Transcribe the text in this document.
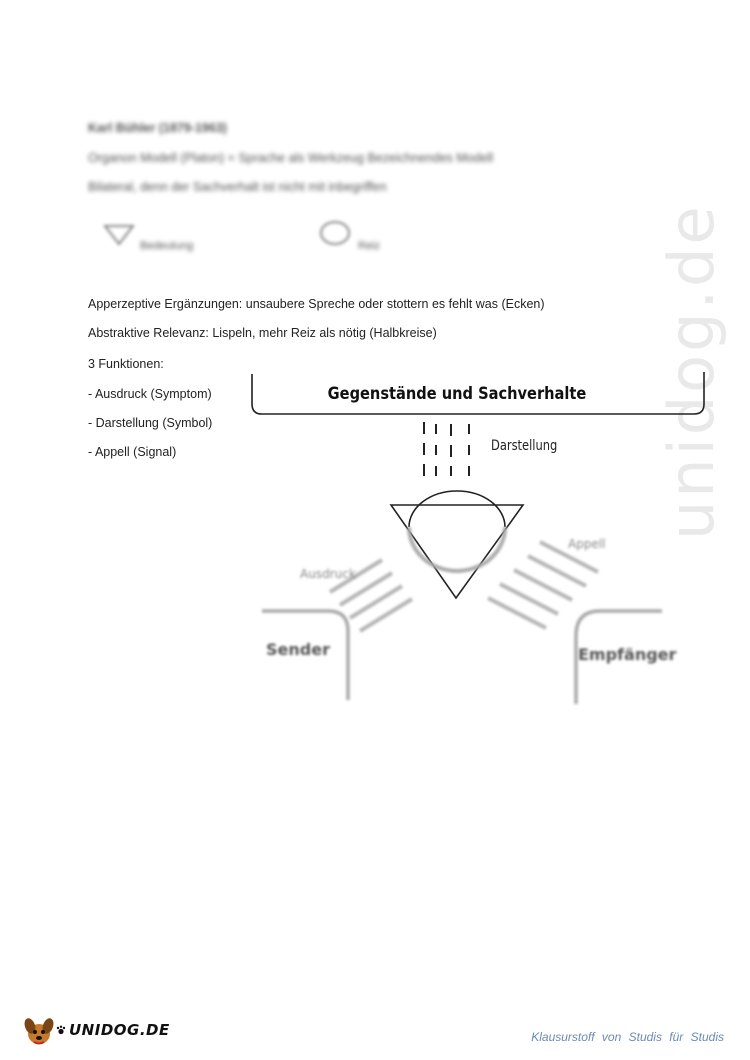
unidog.de
Karl Bühler (1879-1963)
Organon Modell (Platon) = Sprache als Werkzeug Bezeichnendes Modell
Bilateral, denn der Sachverhalt ist nicht mit inbegriffen
Bedeutung	Reiz
Apperzeptive Ergänzungen: unsaubere Spreche oder stottern es fehlt was (Ecken)
Abstraktive Relevanz: Lispeln, mehr Reiz als nötig (Halbkreise)
3 Funktionen:
- Ausdruck (Symptom)
- Darstellung (Symbol)
- Appell (Signal)
Gegenstände und Sachverhalte
Darstellung
Ausdruck
Appell
Sender	Empfänger
UNIDOG.DE	Klausurstoff von Studis für Studis
